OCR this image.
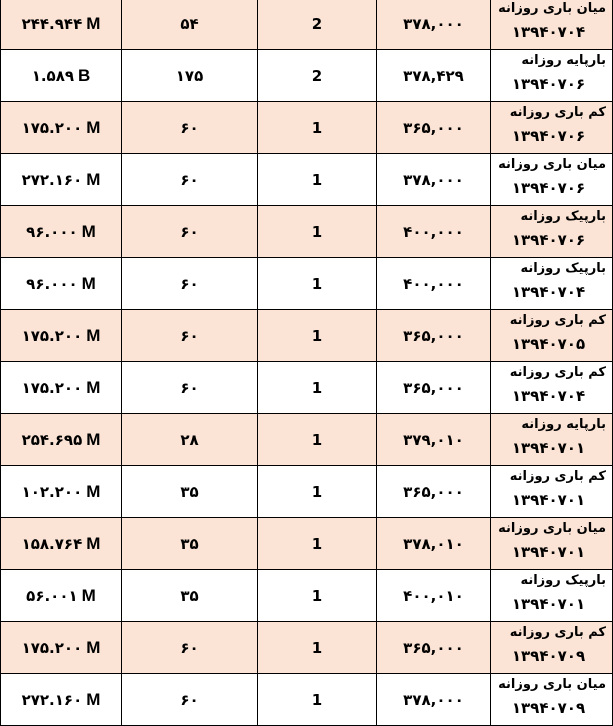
۲۴۴.۹۴۴ M	۵۴	2	۳۷۸,۰۰۰	میان باری روزانه
۱۳۹۴۰۷۰۴

۱.۵۸۹ B	۱۷۵	2	۳۷۸,۴۲۹	بارپایه روزانه
۱۳۹۴۰۷۰۶

۱۷۵.۲۰۰ M	۶۰	1	۳۶۵,۰۰۰	کم باری روزانه
۱۳۹۴۰۷۰۶

۲۷۲.۱۶۰ M	۶۰	1	۳۷۸,۰۰۰	میان باری روزانه
۱۳۹۴۰۷۰۶

۹۶.۰۰۰ M	۶۰	1	۴۰۰,۰۰۰	بارپیک روزانه
۱۳۹۴۰۷۰۶

۹۶.۰۰۰ M	۶۰	1	۴۰۰,۰۰۰	بارپیک روزانه
۱۳۹۴۰۷۰۴

۱۷۵.۲۰۰ M	۶۰	1	۳۶۵,۰۰۰	کم باری روزانه
۱۳۹۴۰۷۰۵

۱۷۵.۲۰۰ M	۶۰	1	۳۶۵,۰۰۰	کم باری روزانه
۱۳۹۴۰۷۰۴

۲۵۴.۶۹۵ M	۲۸	1	۳۷۹,۰۱۰	بارپایه روزانه
۱۳۹۴۰۷۰۱

۱۰۲.۲۰۰ M	۳۵	1	۳۶۵,۰۰۰	کم باری روزانه
۱۳۹۴۰۷۰۱

۱۵۸.۷۶۴ M	۳۵	1	۳۷۸,۰۱۰	میان باری روزانه
۱۳۹۴۰۷۰۱

۵۶.۰۰۱ M	۳۵	1	۴۰۰,۰۱۰	بارپیک روزانه
۱۳۹۴۰۷۰۱

۱۷۵.۲۰۰ M	۶۰	1	۳۶۵,۰۰۰	کم باری روزانه
۱۳۹۴۰۷۰۹

۲۷۲.۱۶۰ M	۶۰	1	۳۷۸,۰۰۰	میان باری روزانه
۱۳۹۴۰۷۰۹
